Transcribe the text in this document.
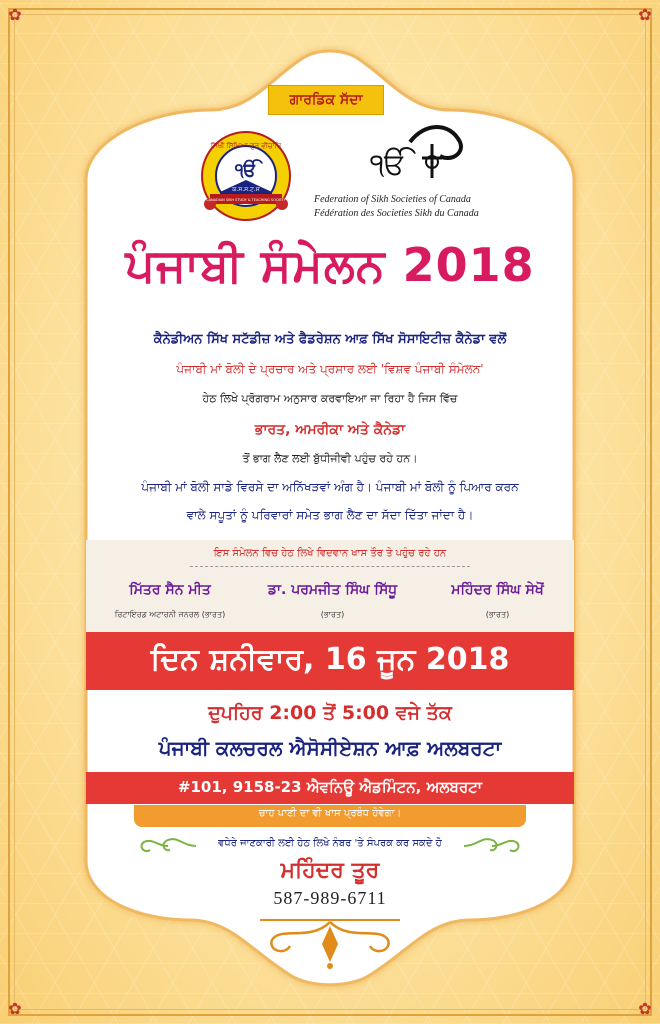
✿	✿
✿	✿
ਗਾਰਡਿਕ ਸੱਦਾ
ੴ
ਸਿੱਖੀ ਸਿੱਖਿਆ ਗੁਰ ਵੀਚਾਰਿ
ਕ.ਸ.ਸ.ਟ.ਸ
CANADIAN SIKH STUDY & TEACHING SOCIETY
ੴ
Federation of Sikh Societies of Canada
Fédération des Societies Sikh du Canada
ਪੰਜਾਬੀ ਸੰਮੇਲਨ 2018
ਕੈਨੇਡੀਅਨ ਸਿੱਖ ਸਟੱਡੀਜ਼ ਅਤੇ ਫੈਡਰੇਸ਼ਨ ਆਫ਼ ਸਿੱਖ ਸੋਸਾਇਟੀਜ਼ ਕੈਨੇਡਾ ਵਲੋਂ
ਪੰਜਾਬੀ ਮਾਂ ਬੋਲੀ ਦੇ ਪ੍ਰਚਾਰ ਅਤੇ ਪ੍ਰਸਾਰ ਲਈ 'ਵਿਸ਼ਵ ਪੰਜਾਬੀ ਸੰਮੇਲਨ'
ਹੇਠ ਲਿਖੇ ਪ੍ਰੋਗਰਾਮ ਅਨੁਸਾਰ ਕਰਵਾਇਆ ਜਾ ਰਿਹਾ ਹੈ ਜਿਸ ਵਿੱਚ
ਭਾਰਤ, ਅਮਰੀਕਾ ਅਤੇ ਕੈਨੇਡਾ
ਤੋਂ ਭਾਗ ਲੈਣ ਲਈ ਬੁੱਧੀਜੀਵੀ ਪਹੁੰਚ ਰਹੇ ਹਨ।
ਪੰਜਾਬੀ ਮਾਂ ਬੋਲੀ ਸਾਡੇ ਵਿਰਸੇ ਦਾ ਅਨਿੱਖੜਵਾਂ ਅੰਗ ਹੈ। ਪੰਜਾਬੀ ਮਾਂ ਬੋਲੀ ਨੂੰ ਪਿਆਰ ਕਰਨ
ਵਾਲੇ ਸਪੂਤਾਂ ਨੂੰ ਪਰਿਵਾਰਾਂ ਸਮੇਤ ਭਾਗ ਲੈਣ ਦਾ ਸੱਦਾ ਦਿੱਤਾ ਜਾਂਦਾ ਹੈ।
ਇਸ ਸੰਮੇਲਨ ਵਿਚ ਹੇਠ ਲਿਖੇ ਵਿਦਵਾਨ ਖਾਸ ਤੌਰ ਤੇ ਪਹੁੰਚ ਰਹੇ ਹਨ
ਮਿੱਤਰ ਸੈਨ ਮੀਤ
ਰਿਟਾਇਰਡ ਅਟਾਰਨੀ ਜਨਰਲ (ਭਾਰਤ)
ਡਾ. ਪਰਮਜੀਤ ਸਿੰਘ ਸਿੱਧੂ
(ਭਾਰਤ)
ਮਹਿੰਦਰ ਸਿੰਘ ਸੇਖੋਂ
(ਭਾਰਤ)
ਦਿਨ ਸ਼ਨੀਵਾਰ, 16 ਜੂਨ 2018
ਦੁਪਹਿਰ 2:00 ਤੋਂ 5:00 ਵਜੇ ਤੱਕ
ਪੰਜਾਬੀ ਕਲਚਰਲ ਐਸੋਸੀਏਸ਼ਨ ਆਫ਼ ਅਲਬਰਟਾ
#101, 9158-23 ਐਵਨਿਊ ਐਡਮਿੰਟਨ, ਅਲਬਰਟਾ
ਚਾਹ ਪਾਣੀ ਦਾ ਵੀ ਖਾਸ ਪ੍ਰਬੰਧ ਹੋਵੇਗਾ।
ਵਧੇਰੇ ਜਾਣਕਾਰੀ ਲਈ ਹੇਠ ਲਿਖੇ ਨੰਬਰ 'ਤੇ ਸੰਪਰਕ ਕਰ ਸਕਦੇ ਹੋ
ਮਹਿੰਦਰ ਤੂਰ
587-989-6711
